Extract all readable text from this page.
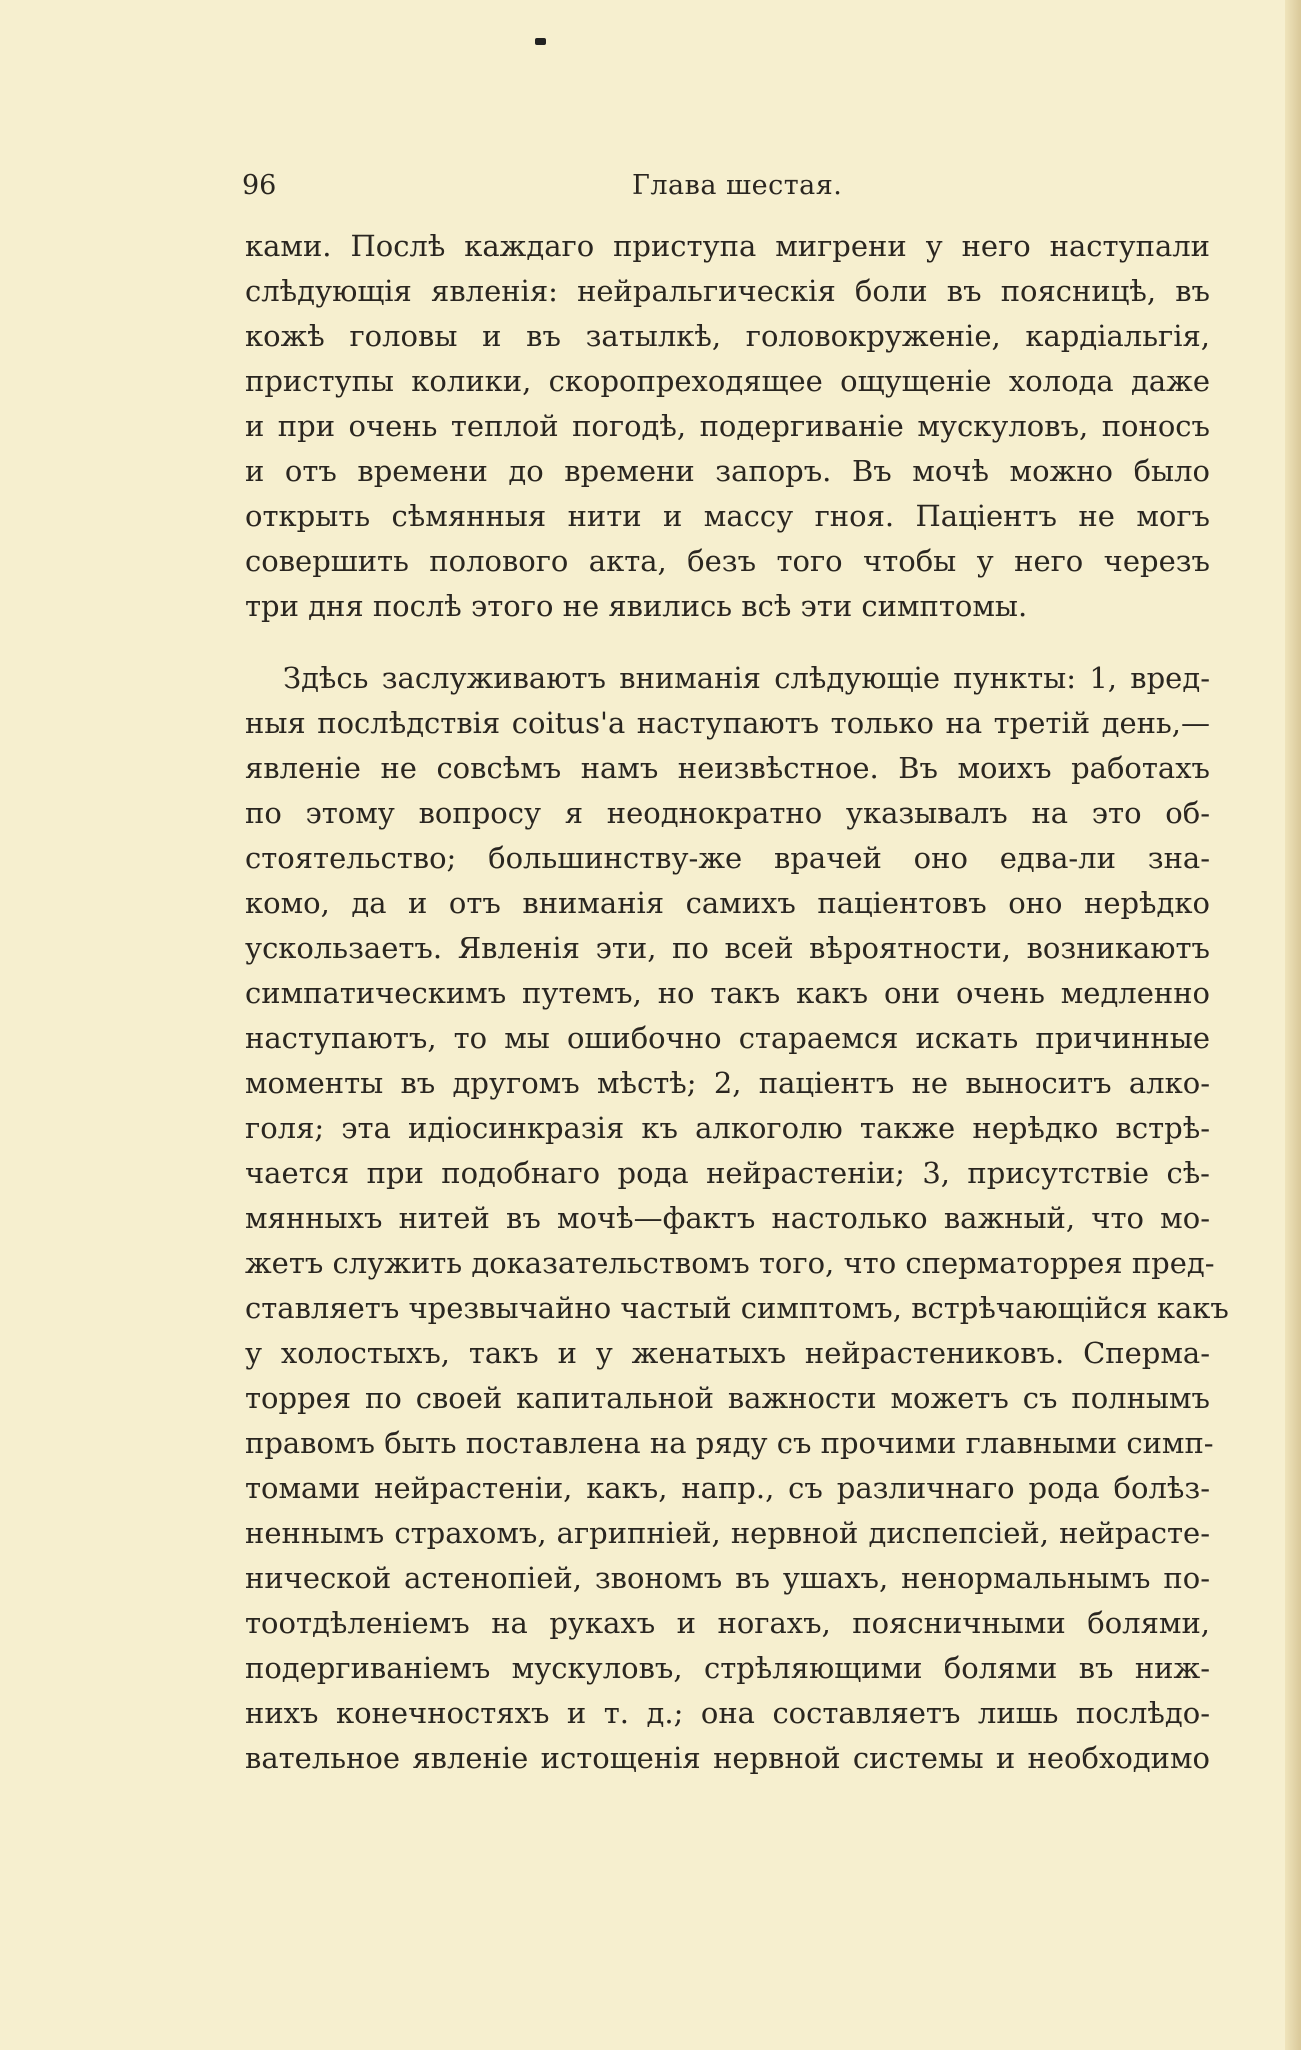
96	Глава шестая.
ками. Послѣ каждаго приступа мигрени у него наступали
слѣдующія явленія: нейральгическія боли въ поясницѣ, въ
кожѣ головы и въ затылкѣ, головокруженіе, кардіальгія,
приступы колики, скоропреходящее ощущеніе холода даже
и при очень теплой погодѣ, подергиваніе мускуловъ, поносъ
и отъ времени до времени запоръ. Въ мочѣ можно было
открыть сѣмянныя нити и массу гноя. Паціентъ не могъ
совершить полового акта, безъ того чтобы у него черезъ
три дня послѣ этого не явились всѣ эти симптомы.
Здѣсь заслуживаютъ вниманія слѣдующіе пункты: 1, вред-
ныя послѣдствія coitus'а наступаютъ только на третій день,—
явленіе не совсѣмъ намъ неизвѣстное. Въ моихъ работахъ
по этому вопросу я неоднократно указывалъ на это об-
стоятельство; большинству-же врачей оно едва-ли зна-
комо, да и отъ вниманія самихъ паціентовъ оно нерѣдко
ускользаетъ. Явленія эти, по всей вѣроятности, возникаютъ
симпатическимъ путемъ, но такъ какъ они очень медленно
наступаютъ, то мы ошибочно стараемся искать причинные
моменты въ другомъ мѣстѣ; 2, паціентъ не выноситъ алко-
голя; эта идіосинкразія къ алкоголю также нерѣдко встрѣ-
чается при подобнаго рода нейрастеніи; 3, присутствіе сѣ-
мянныхъ нитей въ мочѣ—фактъ настолько важный, что мо-
жетъ служить доказательствомъ того, что сперматоррея пред-
ставляетъ чрезвычайно частый симптомъ, встрѣчающійся какъ
у холостыхъ, такъ и у женатыхъ нейрастениковъ. Сперма-
торрея по своей капитальной важности можетъ съ полнымъ
правомъ быть поставлена на ряду съ прочими главными симп-
томами нейрастеніи, какъ, напр., съ различнаго рода болѣз-
неннымъ страхомъ, агрипніей, нервной диспепсіей, нейрасте-
нической астенопіей, звономъ въ ушахъ, ненормальнымъ по-
тоотдѣленіемъ на рукахъ и ногахъ, поясничными болями,
подергиваніемъ мускуловъ, стрѣляющими болями въ ниж-
нихъ конечностяхъ и т. д.; она составляетъ лишь послѣдо-
вательное явленіе истощенія нервной системы и необходимо
